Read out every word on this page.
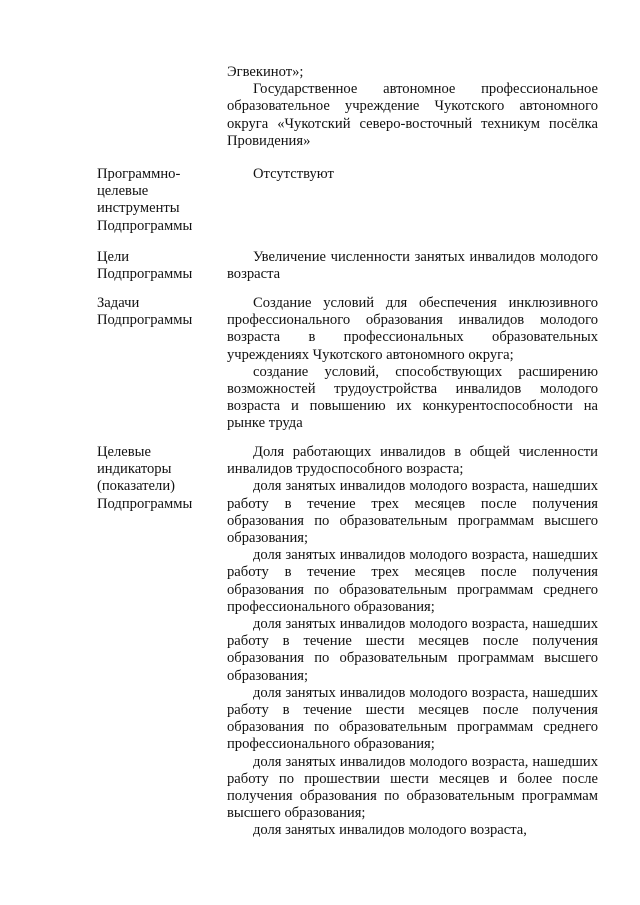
Эгвекинот»;

Государственное автономное профессиональное образовательное учреждение Чукотского автономного округа «Чукотский северо-восточный техникум посёлка Провидения»

Программно-
целевые
инструменты
Подпрограммы

Отсутствуют

Цели
Подпрограммы

Увеличение численности занятых инвалидов молодого возраста

Задачи
Подпрограммы

Создание условий для обеспечения инклюзивного профессионального образования инвалидов молодого возраста в профессиональных образовательных учреждениях Чукотского автономного округа;

создание условий, способствующих расширению возможностей трудоустройства инвалидов молодого возраста и повышению их конкурентоспособности на рынке труда

Целевые
индикаторы
(показатели)
Подпрограммы

Доля работающих инвалидов в общей численности инвалидов трудоспособного возраста;

доля занятых инвалидов молодого возраста, нашедших работу в течение трех месяцев после получения образования по образовательным программам высшего образования;

доля занятых инвалидов молодого возраста, нашедших работу в течение трех месяцев после получения образования по образовательным программам среднего профессионального образования;

доля занятых инвалидов молодого возраста, нашедших работу в течение шести месяцев после получения образования по образовательным программам высшего образования;

доля занятых инвалидов молодого возраста, нашедших работу в течение шести месяцев после получения образования по образовательным программам среднего профессионального образования;

доля занятых инвалидов молодого возраста, нашедших работу по прошествии шести месяцев и более после получения образования по образовательным программам высшего образования;

доля занятых инвалидов молодого возраста,
